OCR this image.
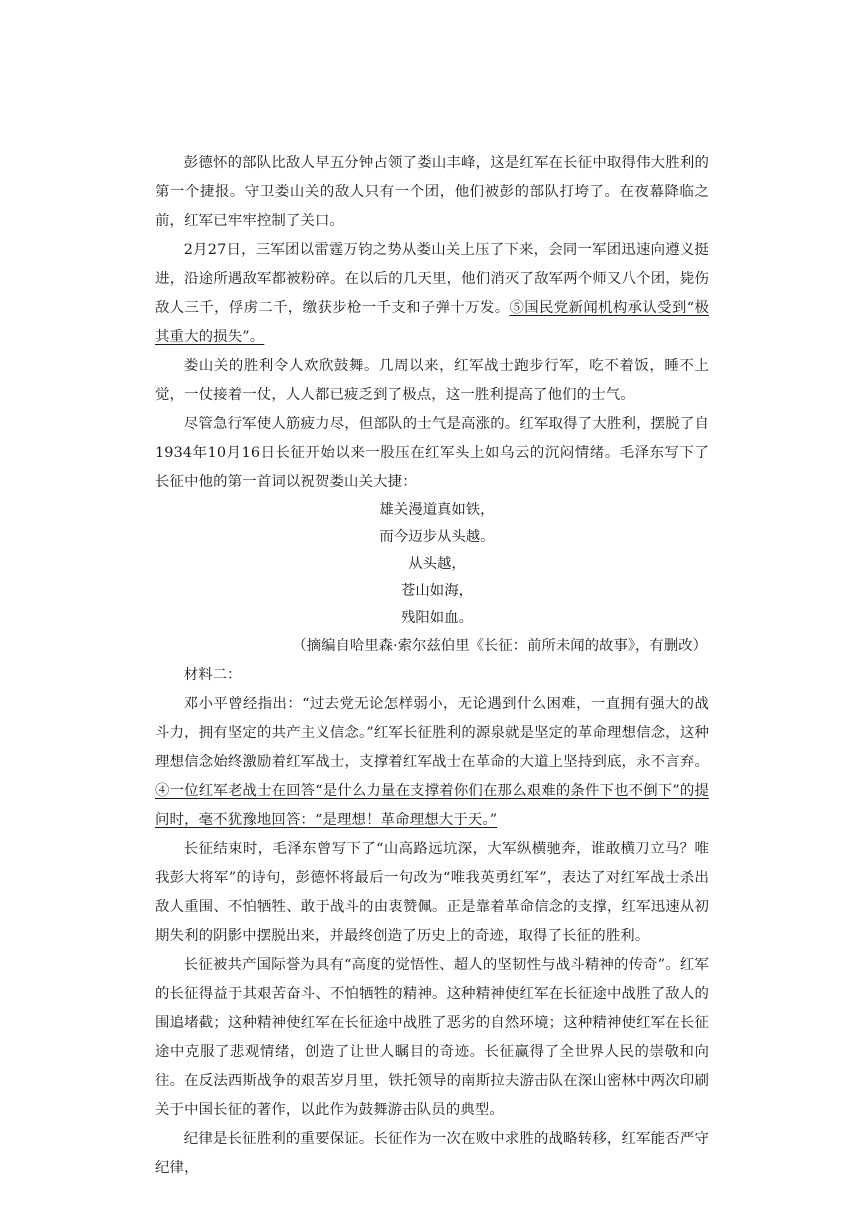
彭德怀的部队比敌人早五分钟占领了娄山丰峰，这是红军在长征中取得伟大胜利的第一个捷报。守卫娄山关的敌人只有一个团，他们被彭的部队打垮了。在夜幕降临之前，红军已牢牢控制了关口。

2月27日，三军团以雷霆万钧之势从娄山关上压了下来，会同一军团迅速向遵义挺进，沿途所遇敌军都被粉碎。在以后的几天里，他们消灭了敌军两个师又八个团，毙伤敌人三千，俘虏二千，缴获步枪一千支和子弹十万发。⑤国民党新闻机构承认受到“极其重大的损失”。

娄山关的胜利令人欢欣鼓舞。几周以来，红军战士跑步行军，吃不着饭，睡不上觉，一仗接着一仗，人人都已疲乏到了极点，这一胜利提高了他们的士气。

尽管急行军使人筋疲力尽，但部队的士气是高涨的。红军取得了大胜利，摆脱了自1934年10月16日长征开始以来一股压在红军头上如乌云的沉闷情绪。毛泽东写下了长征中他的第一首词以祝贺娄山关大捷：

雄关漫道真如铁，
而今迈步从头越。
从头越，
苍山如海，
残阳如血。

（摘编自哈里森·索尔兹伯里《长征：前所未闻的故事》，有删改）

材料二：

邓小平曾经指出：“过去党无论怎样弱小，无论遇到什么困难，一直拥有强大的战斗力，拥有坚定的共产主义信念。”红军长征胜利的源泉就是坚定的革命理想信念，这种理想信念始终激励着红军战士，支撑着红军战士在革命的大道上坚持到底，永不言弃。④一位红军老战士在回答“是什么力量在支撑着你们在那么艰难的条件下也不倒下”的提问时，毫不犹豫地回答：“是理想！革命理想大于天。”

长征结束时，毛泽东曾写下了“山高路远坑深，大军纵横驰奔，谁敢横刀立马？唯我彭大将军”的诗句，彭德怀将最后一句改为“唯我英勇红军”，表达了对红军战士杀出敌人重围、不怕牺牲、敢于战斗的由衷赞佩。正是靠着革命信念的支撑，红军迅速从初期失利的阴影中摆脱出来，并最终创造了历史上的奇迹，取得了长征的胜利。

长征被共产国际誉为具有“高度的觉悟性、超人的坚韧性与战斗精神的传奇”。红军的长征得益于其艰苦奋斗、不怕牺牲的精神。这种精神使红军在长征途中战胜了敌人的围追堵截；这种精神使红军在长征途中战胜了恶劣的自然环境；这种精神使红军在长征途中克服了悲观情绪，创造了让世人瞩目的奇迹。长征赢得了全世界人民的崇敬和向往。在反法西斯战争的艰苦岁月里，铁托领导的南斯拉夫游击队在深山密林中两次印刷关于中国长征的著作，以此作为鼓舞游击队员的典型。

纪律是长征胜利的重要保证。长征作为一次在败中求胜的战略转移，红军能否严守纪律，
